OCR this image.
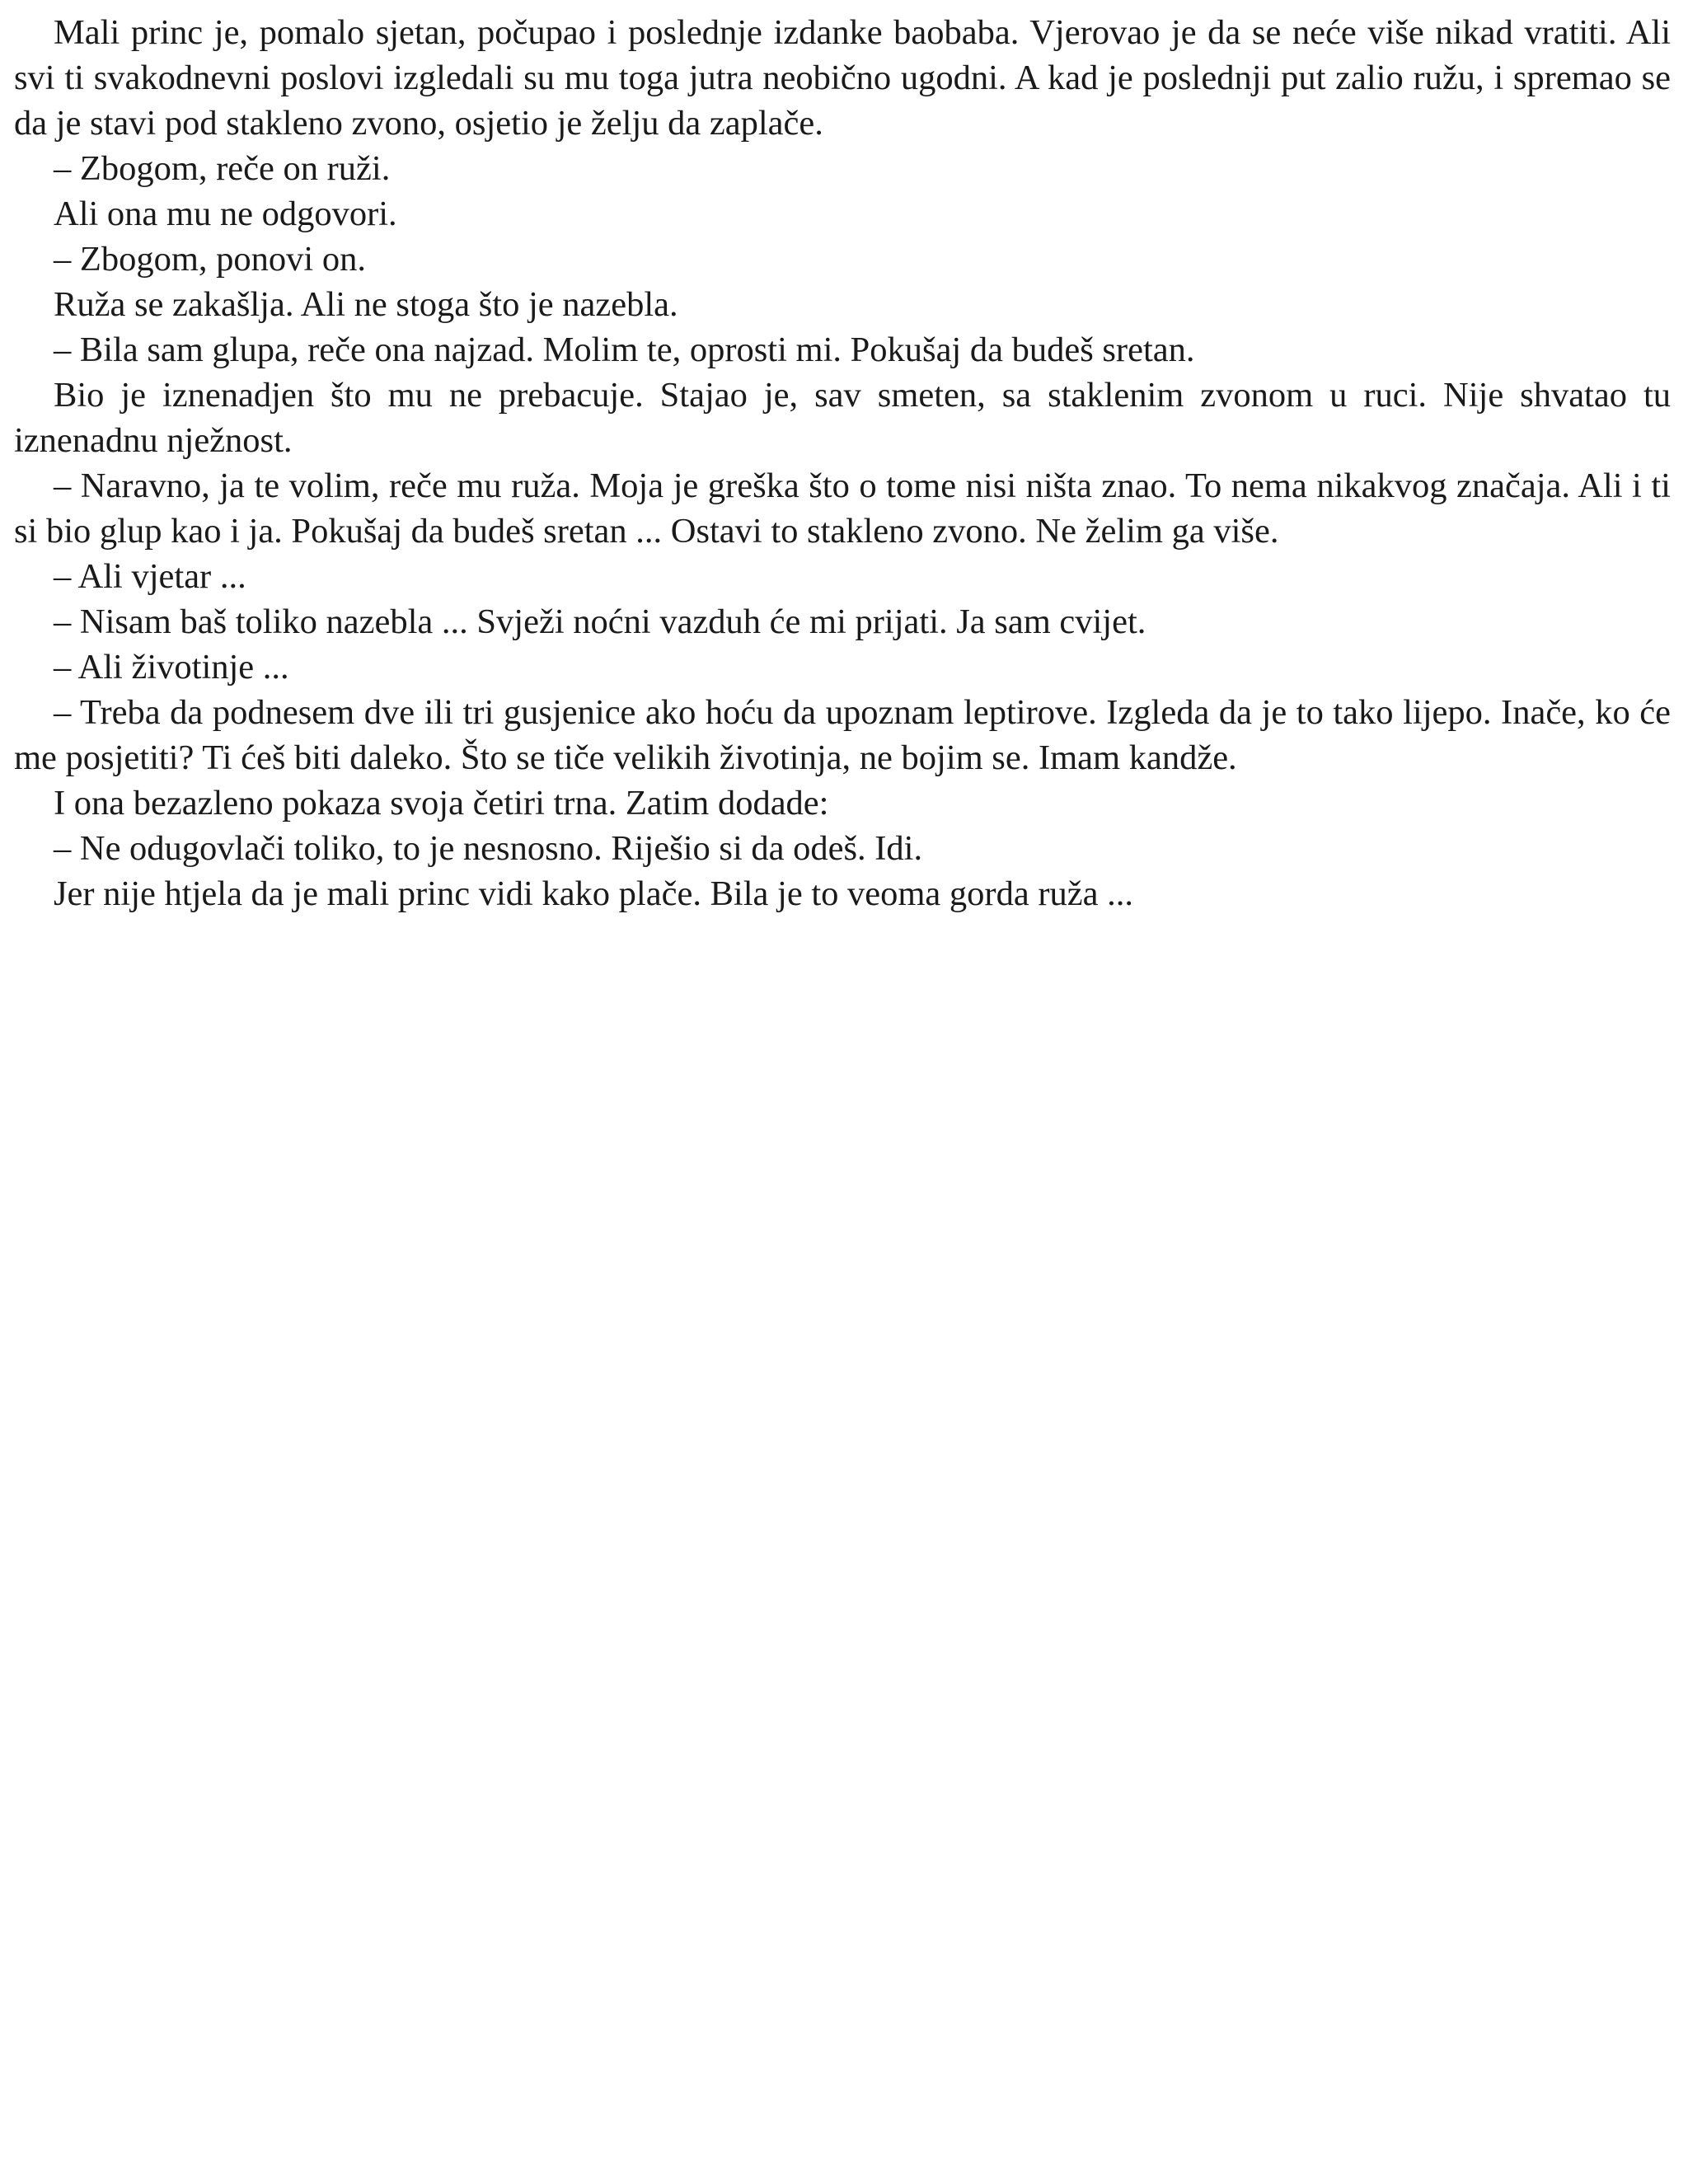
Mali princ je, pomalo sjetan, počupao i poslednje izdanke baobaba. Vjerovao je da se neće više nikad vratiti. Ali svi ti svakodnevni poslovi izgledali su mu toga jutra neobično ugodni. A kad je poslednji put zalio ružu, i spremao se da je stavi pod stakleno zvono, osjetio je želju da zaplače.

– Zbogom, reče on ruži.

Ali ona mu ne odgovori.

– Zbogom, ponovi on.

Ruža se zakašlja. Ali ne stoga što je nazebla.

– Bila sam glupa, reče ona najzad. Molim te, oprosti mi. Pokušaj da budeš sretan.

Bio je iznenadjen što mu ne prebacuje. Stajao je, sav smeten, sa staklenim zvonom u ruci. Nije shvatao tu iznenadnu nježnost.

– Naravno, ja te volim, reče mu ruža. Moja je greška što o tome nisi ništa znao. To nema nikakvog značaja. Ali i ti si bio glup kao i ja. Pokušaj da budeš sretan ... Ostavi to stakleno zvono. Ne želim ga više.

– Ali vjetar ...

– Nisam baš toliko nazebla ... Svježi noćni vazduh će mi prijati. Ja sam cvijet.

– Ali životinje ...

– Treba da podnesem dve ili tri gusjenice ako hoću da upoznam leptirove. Izgleda da je to tako lijepo. Inače, ko će me posjetiti? Ti ćeš biti daleko. Što se tiče velikih životinja, ne bojim se. Imam kandže.

I ona bezazleno pokaza svoja četiri trna. Zatim dodade:

– Ne odugovlači toliko, to je nesnosno. Riješio si da odeš. Idi.

Jer nije htjela da je mali princ vidi kako plače. Bila je to veoma gorda ruža ...
